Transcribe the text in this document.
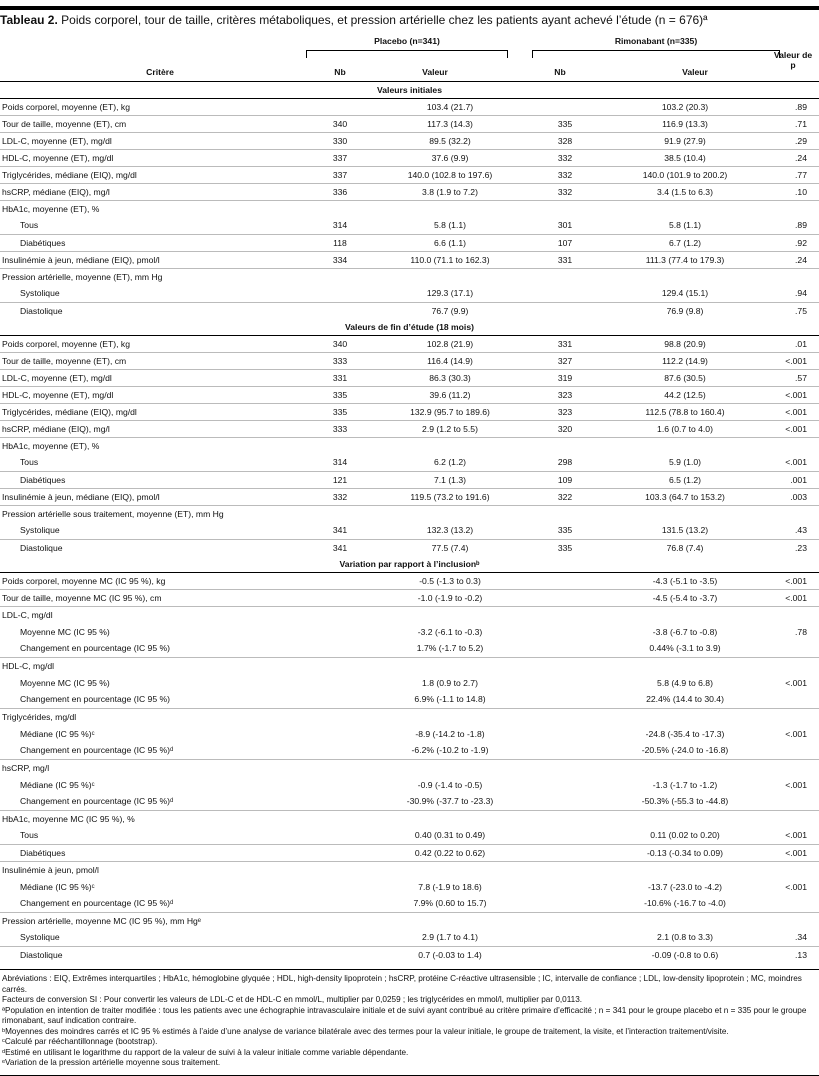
Tableau 2. Poids corporel, tour de taille, critères métaboliques, et pression artérielle chez les patients ayant achevé l’étude (n = 676)ª
Placebo (n=341)	Rimonabant (n=335)
Critère	Nb	Valeur	Nb	Valeur
Valeur de p
Valeurs initiales					
Poids corporel, moyenne (ET), kg		103.4 (21.7)		103.2 (20.3)	.89
Tour de taille, moyenne (ET), cm	340	117.3 (14.3)	335	116.9 (13.3)	.71
LDL-C, moyenne (ET), mg/dl	330	89.5 (32.2)	328	91.9 (27.9)	.29
HDL-C, moyenne (ET), mg/dl	337	37.6 (9.9)	332	38.5 (10.4)	.24
Triglycérides, médiane (EIQ), mg/dl	337	140.0 (102.8 to 197.6)	332	140.0 (101.9 to 200.2)	.77
hsCRP, médiane (EIQ), mg/l	336	3.8 (1.9 to 7.2)	332	3.4 (1.5 to 6.3)	.10
HbA1c, moyenne (ET), %					
Tous	314	5.8 (1.1)	301	5.8 (1.1)	.89
Diabétiques	118	6.6 (1.1)	107	6.7 (1.2)	.92
Insulinémie à jeun, médiane (EIQ), pmol/l	334	110.0 (71.1 to 162.3)	331	111.3 (77.4 to 179.3)	.24
Pression artérielle, moyenne (ET), mm Hg					
Systolique		129.3 (17.1)		129.4 (15.1)	.94
Diastolique		76.7 (9.9)		76.9 (9.8)	.75
Valeurs de fin d’étude (18 mois)					
Poids corporel, moyenne (ET), kg	340	102.8 (21.9)	331	98.8 (20.9)	.01
Tour de taille, moyenne (ET), cm	333	116.4 (14.9)	327	112.2 (14.9)	<.001
LDL-C, moyenne (ET), mg/dl	331	86.3 (30.3)	319	87.6 (30.5)	.57
HDL-C, moyenne (ET), mg/dl	335	39.6 (11.2)	323	44.2 (12.5)	<.001
Triglycérides, médiane (EIQ), mg/dl	335	132.9 (95.7 to 189.6)	323	112.5 (78.8 to 160.4)	<.001
hsCRP, médiane (EIQ), mg/l	333	2.9 (1.2 to 5.5)	320	1.6 (0.7 to 4.0)	<.001
HbA1c, moyenne (ET), %					
Tous	314	6.2 (1.2)	298	5.9 (1.0)	<.001
Diabétiques	121	7.1 (1.3)	109	6.5 (1.2)	.001
Insulinémie à jeun, médiane (EIQ), pmol/l	332	119.5 (73.2 to 191.6)	322	103.3 (64.7 to 153.2)	.003
Pression artérielle sous traitement, moyenne (ET), mm Hg					
Systolique	341	132.3 (13.2)	335	131.5 (13.2)	.43
Diastolique	341	77.5 (7.4)	335	76.8 (7.4)	.23
Variation par rapport à l’inclusionᵇ					
Poids corporel, moyenne MC (IC 95 %), kg		-0.5 (-1.3 to 0.3)		-4.3 (-5.1 to -3.5)	<.001
Tour de taille, moyenne MC (IC 95 %), cm		-1.0 (-1.9 to -0.2)		-4.5 (-5.4 to -3.7)	<.001
LDL-C, mg/dl					
Moyenne MC (IC 95 %)		-3.2 (-6.1 to -0.3)		-3.8 (-6.7 to -0.8)	.78
Changement en pourcentage (IC 95 %)		1.7% (-1.7 to 5.2)		0.44% (-3.1 to 3.9)	
HDL-C, mg/dl					
Moyenne MC (IC 95 %)		1.8 (0.9 to 2.7)		5.8 (4.9 to 6.8)	<.001
Changement en pourcentage (IC 95 %)		6.9% (-1.1 to 14.8)		22.4% (14.4 to 30.4)	
Triglycérides, mg/dl					
Médiane (IC 95 %)ᶜ		-8.9 (-14.2 to -1.8)		-24.8 (-35.4 to -17.3)	<.001
Changement en pourcentage (IC 95 %)ᵈ		-6.2% (-10.2 to -1.9)		-20.5% (-24.0 to -16.8)	
hsCRP, mg/l					
Médiane (IC 95 %)ᶜ		-0.9 (-1.4 to -0.5)		-1.3 (-1.7 to -1.2)	<.001
Changement en pourcentage (IC 95 %)ᵈ		-30.9% (-37.7 to -23.3)		-50.3% (-55.3 to -44.8)	
HbA1c, moyenne MC (IC 95 %), %					
Tous		0.40 (0.31 to 0.49)		0.11 (0.02 to 0.20)	<.001
Diabétiques		0.42 (0.22 to 0.62)		-0.13 (-0.34 to 0.09)	<.001
Insulinémie à jeun, pmol/l					
Médiane (IC 95 %)ᶜ		7.8 (-1.9 to 18.6)		-13.7 (-23.0 to -4.2)	<.001
Changement en pourcentage (IC 95 %)ᵈ		7.9% (0.60 to 15.7)		-10.6% (-16.7 to -4.0)	
Pression artérielle, moyenne MC (IC 95 %), mm Hgᵉ					
Systolique		2.9 (1.7 to 4.1)		2.1 (0.8 to 3.3)	.34
Diastolique		0.7 (-0.03 to 1.4)		-0.09 (-0.8 to 0.6)	.13
Abréviations : EIQ, Extrêmes interquartiles ; HbA1c, hémoglobine glyquée ; HDL, high-density lipoprotein ; hsCRP, protéine C-réactive ultrasensible ; IC, intervalle de confiance ; LDL, low-density lipoprotein ; MC, moindres carrés.
Facteurs de conversion SI : Pour convertir les valeurs de LDL-C et de HDL-C en mmol/L, multiplier par 0,0259 ; les triglycérides en mmol/l, multiplier par 0,0113.
ªPopulation en intention de traiter modifiée : tous les patients avec une échographie intravasculaire initiale et de suivi ayant contribué au critère primaire d’efficacité ; n = 341 pour le groupe placebo et n = 335 pour le groupe rimonabant, sauf indication contraire.
ᵇMoyennes des moindres carrés et IC 95 % estimés à l’aide d’une analyse de variance bilatérale avec des termes pour la valeur initiale, le groupe de traitement, la visite, et l’interaction traitement/visite.
ᶜCalculé par rééchantillonnage (bootstrap).
ᵈEstimé en utilisant le logarithme du rapport de la valeur de suivi à la valeur initiale comme variable dépendante.
ᵉVariation de la pression artérielle moyenne sous traitement.
